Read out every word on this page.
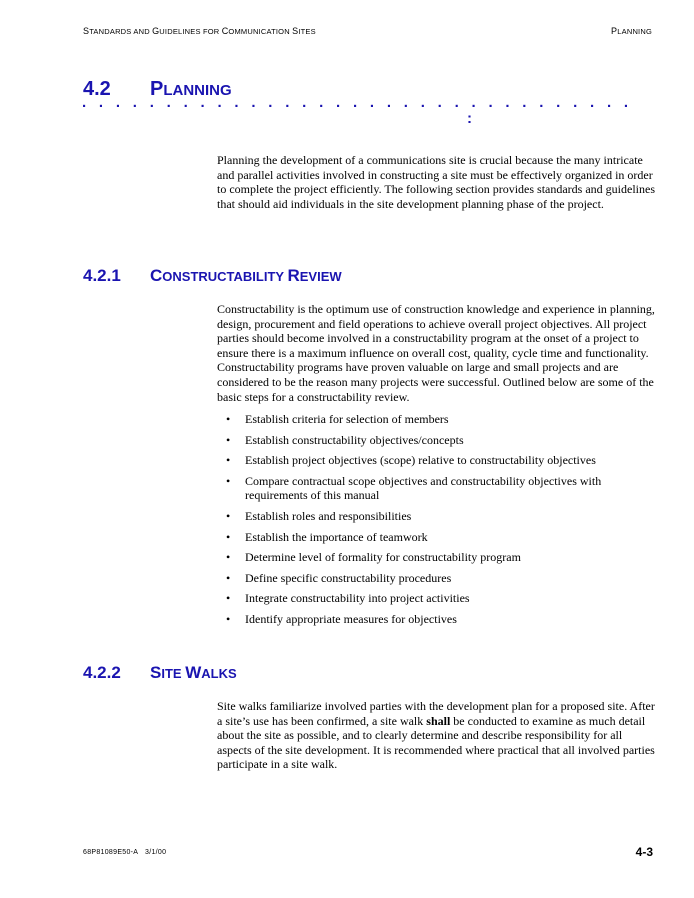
STANDARDS AND GUIDELINES FOR COMMUNICATION SITES	PLANNING
4.2 PLANNING
. . . . . . . . . . . . . . . . . . . . . . . . . . . . . . . . .
:

Planning the development of a communications site is crucial because the many intricate and parallel activities involved in constructing a site must be effectively organized in order to complete the project efficiently. The following section provides standards and guidelines that should aid individuals in the site development planning phase of the project.

4.2.1 CONSTRUCTABILITY REVIEW

Constructability is the optimum use of construction knowledge and experience in planning, design, procurement and field operations to achieve overall project objectives. All project parties should become involved in a constructability program at the onset of a project to ensure there is a maximum influence on overall cost, quality, cycle time and functionality. Constructability programs have proven valuable on large and small projects and are considered to be the reason many projects were successful. Outlined below are some of the basic steps for a constructability review.

• Establish criteria for selection of members
• Establish constructability objectives/concepts
• Establish project objectives (scope) relative to constructability objectives
• Compare contractual scope objectives and constructability objectives with requirements of this manual
• Establish roles and responsibilities
• Establish the importance of teamwork
• Determine level of formality for constructability program
• Define specific constructability procedures
• Integrate constructability into project activities
• Identify appropriate measures for objectives
4.2.2 SITE WALKS

Site walks familiarize involved parties with the development plan for a proposed site. After a site’s use has been confirmed, a site walk shall be conducted to examine as much detail about the site as possible, and to clearly determine and describe responsibility for all aspects of the site development. It is recommended where practical that all involved parties participate in a site walk.

68P81089E50-A 3/1/00	4-3
